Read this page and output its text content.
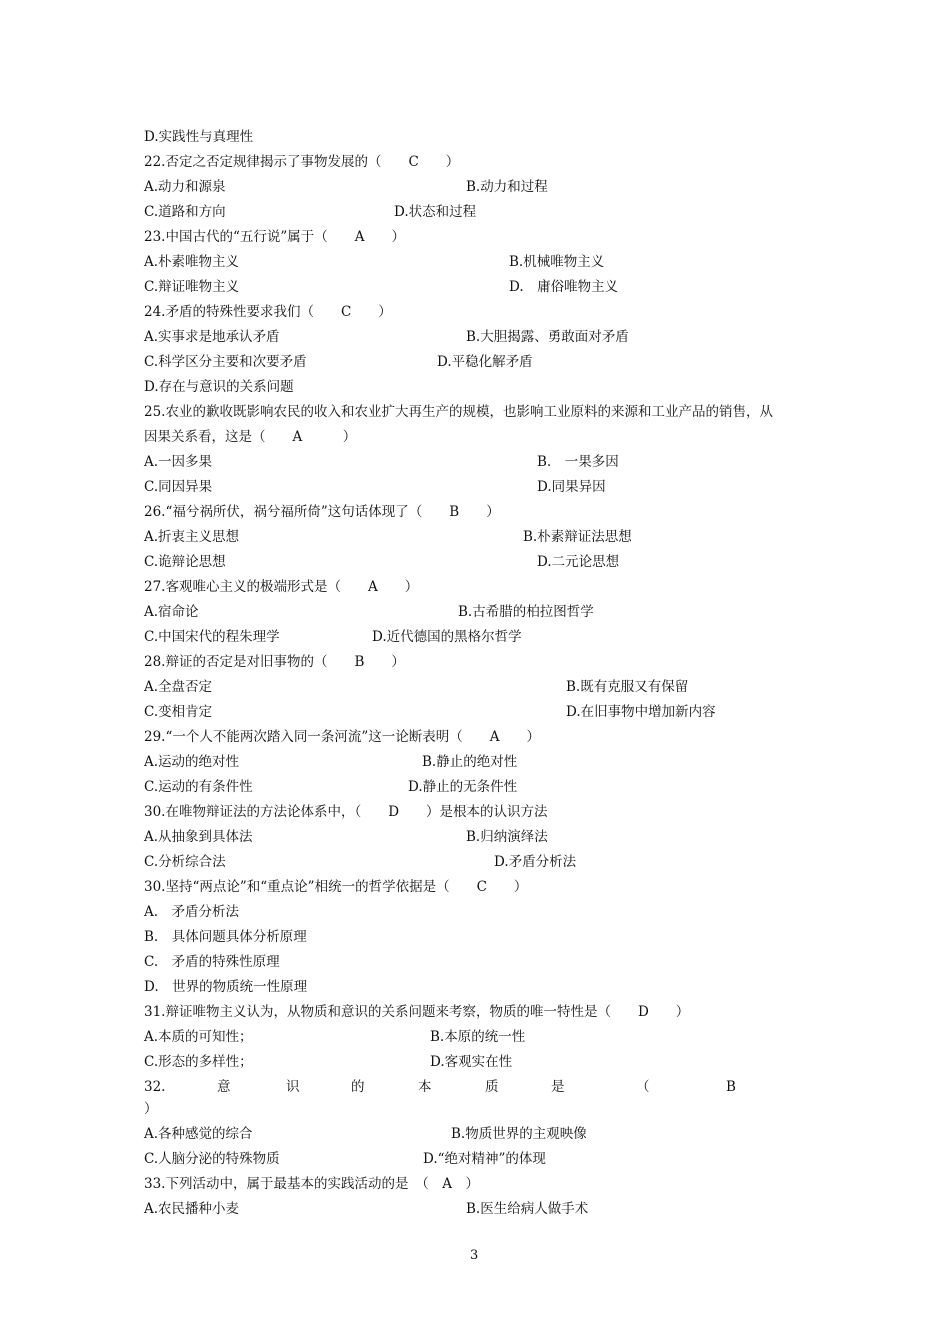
D.实践性与真理性
22.否定之否定规律揭示了事物发展的（　　C　　）
A.动力和源泉	B.动力和过程
C.道路和方向	D.状态和过程
23.中国古代的“五行说”属于（　　A　　）
A.朴素唯物主义	B.机械唯物主义
C.辩证唯物主义	D.　庸俗唯物主义
24.矛盾的特殊性要求我们（　　C　　）
A.实事求是地承认矛盾	B.大胆揭露、勇敢面对矛盾
C.科学区分主要和次要矛盾	D.平稳化解矛盾
D.存在与意识的关系问题
25.农业的歉收既影响农民的收入和农业扩大再生产的规模，也影响工业原料的来源和工业产品的销售，从
因果关系看，这是（　　A　　　）
A.一因多果	B.　一果多因
C.同因异果	D.同果异因
26.“福兮祸所伏，祸兮福所倚”这句话体现了（　　B　　）
A.折衷主义思想	B.朴素辩证法思想
C.诡辩论思想	D.二元论思想
27.客观唯心主义的极端形式是（　　A　　）
A.宿命论	B.古希腊的柏拉图哲学
C.中国宋代的程朱理学	D.近代德国的黑格尔哲学
28.辩证的否定是对旧事物的（　　B　　）
A.全盘否定	B.既有克服又有保留
C.变相肯定	D.在旧事物中增加新内容
29.“一个人不能两次踏入同一条河流”这一论断表明（　　A　　）
A.运动的绝对性	B.静止的绝对性
C.运动的有条件性	D.静止的无条件性
30.在唯物辩证法的方法论体系中，（　　D　　）是根本的认识方法
A.从抽象到具体法	B.归纳演绎法
C.分析综合法	D.矛盾分析法
30.坚持“两点论”和“重点论”相统一的哲学依据是（　　C　　）
A.　矛盾分析法
B.　具体问题具体分析原理
C.　矛盾的特殊性原理
D.　世界的物质统一性原理
31.辩证唯物主义认为，从物质和意识的关系问题来考察，物质的唯一特性是（　　D　　）
A.本质的可知性；	B.本原的统一性
C.形态的多样性；	D.客观实在性
32.	意	识	的	本	质	是	（	B
）
A.各种感觉的综合	B.物质世界的主观映像
C.人脑分泌的特殊物质	D.“绝对精神”的体现
33.下列活动中，属于最基本的实践活动的是　（　A　）
A.农民播种小麦	B.医生给病人做手术
3
